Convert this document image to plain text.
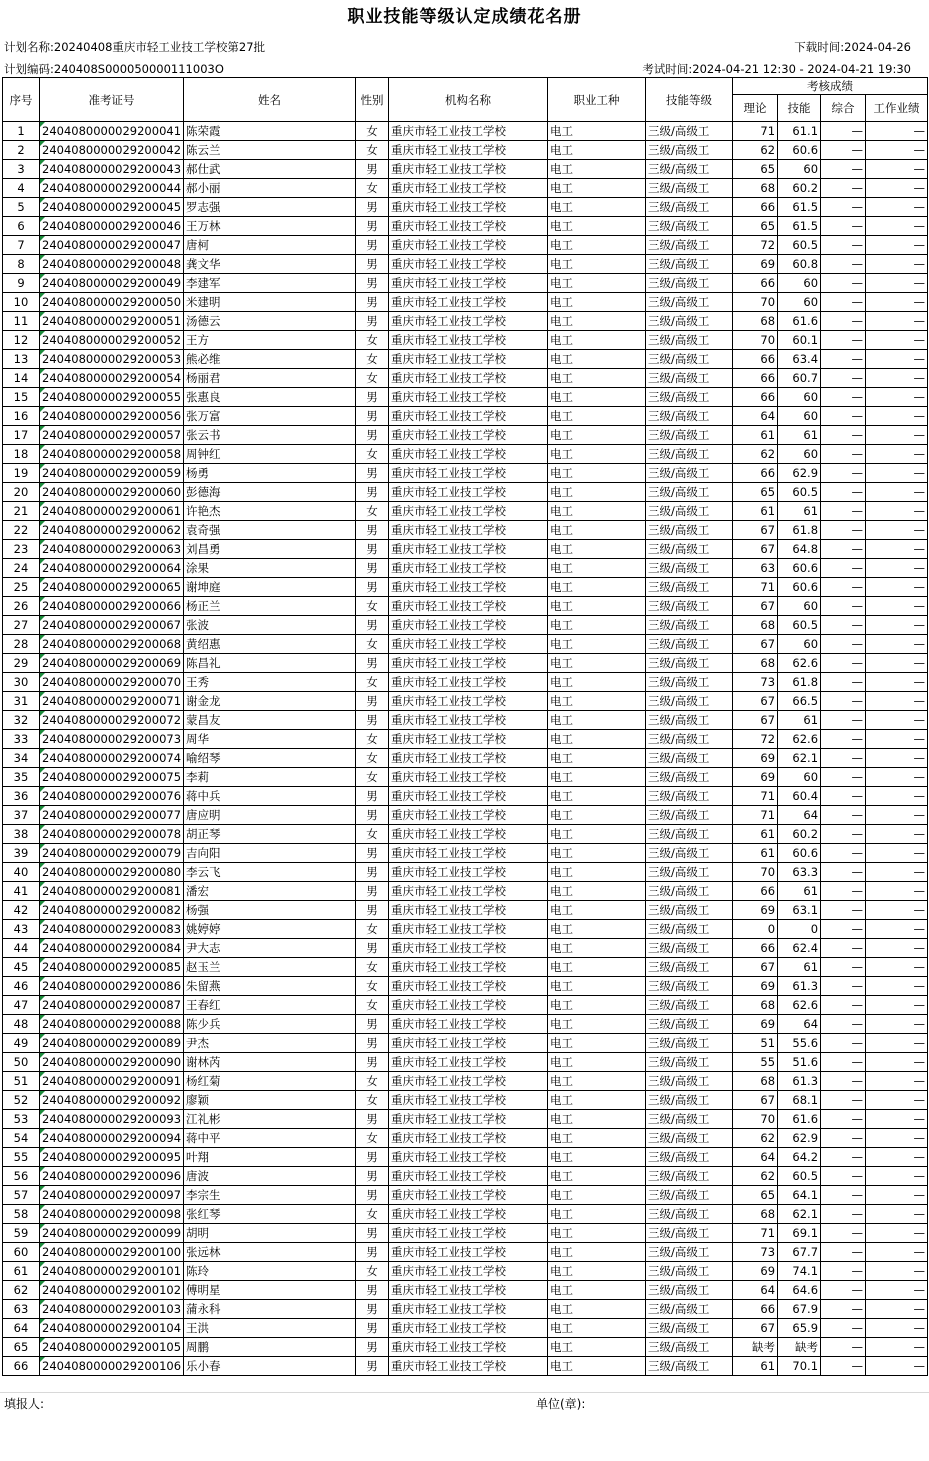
职业技能等级认定成绩花名册
计划名称:20240408重庆市轻工业技工学校第27批	下载时间:2024-04-26
计划编码:240408S000050000111003O	考试时间:2024-04-21 12:30 - 2024-04-21 19:30
序号	准考证号	姓名	性别	机构名称	职业工种	技能等级	考核成绩			
							理论	技能	综合	工作业绩
1	2404080000029200041	陈荣霞	女	重庆市轻工业技工学校	电工	三级/高级工	71	61.1	—	—
2	2404080000029200042	陈云兰	女	重庆市轻工业技工学校	电工	三级/高级工	62	60.6	—	—
3	2404080000029200043	郝仕武	男	重庆市轻工业技工学校	电工	三级/高级工	65	60	—	—
4	2404080000029200044	郝小丽	女	重庆市轻工业技工学校	电工	三级/高级工	68	60.2	—	—
5	2404080000029200045	罗志强	男	重庆市轻工业技工学校	电工	三级/高级工	66	61.5	—	—
6	2404080000029200046	王万林	男	重庆市轻工业技工学校	电工	三级/高级工	65	61.5	—	—
7	2404080000029200047	唐柯	男	重庆市轻工业技工学校	电工	三级/高级工	72	60.5	—	—
8	2404080000029200048	龚文华	男	重庆市轻工业技工学校	电工	三级/高级工	69	60.8	—	—
9	2404080000029200049	李建军	男	重庆市轻工业技工学校	电工	三级/高级工	66	60	—	—
10	2404080000029200050	米建明	男	重庆市轻工业技工学校	电工	三级/高级工	70	60	—	—
11	2404080000029200051	汤德云	男	重庆市轻工业技工学校	电工	三级/高级工	68	61.6	—	—
12	2404080000029200052	王方	女	重庆市轻工业技工学校	电工	三级/高级工	70	60.1	—	—
13	2404080000029200053	熊必维	女	重庆市轻工业技工学校	电工	三级/高级工	66	63.4	—	—
14	2404080000029200054	杨丽君	女	重庆市轻工业技工学校	电工	三级/高级工	66	60.7	—	—
15	2404080000029200055	张惠良	男	重庆市轻工业技工学校	电工	三级/高级工	66	60	—	—
16	2404080000029200056	张万富	男	重庆市轻工业技工学校	电工	三级/高级工	64	60	—	—
17	2404080000029200057	张云书	男	重庆市轻工业技工学校	电工	三级/高级工	61	61	—	—
18	2404080000029200058	周钟红	女	重庆市轻工业技工学校	电工	三级/高级工	62	60	—	—
19	2404080000029200059	杨勇	男	重庆市轻工业技工学校	电工	三级/高级工	66	62.9	—	—
20	2404080000029200060	彭德海	男	重庆市轻工业技工学校	电工	三级/高级工	65	60.5	—	—
21	2404080000029200061	许艳杰	女	重庆市轻工业技工学校	电工	三级/高级工	61	61	—	—
22	2404080000029200062	袁奇强	男	重庆市轻工业技工学校	电工	三级/高级工	67	61.8	—	—
23	2404080000029200063	刘昌勇	男	重庆市轻工业技工学校	电工	三级/高级工	67	64.8	—	—
24	2404080000029200064	涂果	男	重庆市轻工业技工学校	电工	三级/高级工	63	60.6	—	—
25	2404080000029200065	谢坤庭	男	重庆市轻工业技工学校	电工	三级/高级工	71	60.6	—	—
26	2404080000029200066	杨正兰	女	重庆市轻工业技工学校	电工	三级/高级工	67	60	—	—
27	2404080000029200067	张波	男	重庆市轻工业技工学校	电工	三级/高级工	68	60.5	—	—
28	2404080000029200068	黄绍惠	女	重庆市轻工业技工学校	电工	三级/高级工	67	60	—	—
29	2404080000029200069	陈昌礼	男	重庆市轻工业技工学校	电工	三级/高级工	68	62.6	—	—
30	2404080000029200070	王秀	女	重庆市轻工业技工学校	电工	三级/高级工	73	61.8	—	—
31	2404080000029200071	谢金龙	男	重庆市轻工业技工学校	电工	三级/高级工	67	66.5	—	—
32	2404080000029200072	蒙昌友	男	重庆市轻工业技工学校	电工	三级/高级工	67	61	—	—
33	2404080000029200073	周华	女	重庆市轻工业技工学校	电工	三级/高级工	72	62.6	—	—
34	2404080000029200074	喻绍琴	女	重庆市轻工业技工学校	电工	三级/高级工	69	62.1	—	—
35	2404080000029200075	李莉	女	重庆市轻工业技工学校	电工	三级/高级工	69	60	—	—
36	2404080000029200076	蒋中兵	男	重庆市轻工业技工学校	电工	三级/高级工	71	60.4	—	—
37	2404080000029200077	唐应明	男	重庆市轻工业技工学校	电工	三级/高级工	71	64	—	—
38	2404080000029200078	胡正琴	女	重庆市轻工业技工学校	电工	三级/高级工	61	60.2	—	—
39	2404080000029200079	吉向阳	男	重庆市轻工业技工学校	电工	三级/高级工	61	60.6	—	—
40	2404080000029200080	李云飞	男	重庆市轻工业技工学校	电工	三级/高级工	70	63.3	—	—
41	2404080000029200081	潘宏	男	重庆市轻工业技工学校	电工	三级/高级工	66	61	—	—
42	2404080000029200082	杨强	男	重庆市轻工业技工学校	电工	三级/高级工	69	63.1	—	—
43	2404080000029200083	姚婷婷	女	重庆市轻工业技工学校	电工	三级/高级工	0	0	—	—
44	2404080000029200084	尹大志	男	重庆市轻工业技工学校	电工	三级/高级工	66	62.4	—	—
45	2404080000029200085	赵玉兰	女	重庆市轻工业技工学校	电工	三级/高级工	67	61	—	—
46	2404080000029200086	朱留燕	女	重庆市轻工业技工学校	电工	三级/高级工	69	61.3	—	—
47	2404080000029200087	王春红	女	重庆市轻工业技工学校	电工	三级/高级工	68	62.6	—	—
48	2404080000029200088	陈少兵	男	重庆市轻工业技工学校	电工	三级/高级工	69	64	—	—
49	2404080000029200089	尹杰	男	重庆市轻工业技工学校	电工	三级/高级工	51	55.6	—	—
50	2404080000029200090	谢林芮	男	重庆市轻工业技工学校	电工	三级/高级工	55	51.6	—	—
51	2404080000029200091	杨红菊	女	重庆市轻工业技工学校	电工	三级/高级工	68	61.3	—	—
52	2404080000029200092	廖颖	女	重庆市轻工业技工学校	电工	三级/高级工	67	68.1	—	—
53	2404080000029200093	江礼彬	男	重庆市轻工业技工学校	电工	三级/高级工	70	61.6	—	—
54	2404080000029200094	蒋中平	女	重庆市轻工业技工学校	电工	三级/高级工	62	62.9	—	—
55	2404080000029200095	叶翔	男	重庆市轻工业技工学校	电工	三级/高级工	64	64.2	—	—
56	2404080000029200096	唐波	男	重庆市轻工业技工学校	电工	三级/高级工	62	60.5	—	—
57	2404080000029200097	李宗生	男	重庆市轻工业技工学校	电工	三级/高级工	65	64.1	—	—
58	2404080000029200098	张红琴	女	重庆市轻工业技工学校	电工	三级/高级工	68	62.1	—	—
59	2404080000029200099	胡明	男	重庆市轻工业技工学校	电工	三级/高级工	71	69.1	—	—
60	2404080000029200100	张远林	男	重庆市轻工业技工学校	电工	三级/高级工	73	67.7	—	—
61	2404080000029200101	陈玲	女	重庆市轻工业技工学校	电工	三级/高级工	69	74.1	—	—
62	2404080000029200102	傅明星	男	重庆市轻工业技工学校	电工	三级/高级工	64	64.6	—	—
63	2404080000029200103	蒲永科	男	重庆市轻工业技工学校	电工	三级/高级工	66	67.9	—	—
64	2404080000029200104	王洪	男	重庆市轻工业技工学校	电工	三级/高级工	67	65.9	—	—
65	2404080000029200105	周鹏	男	重庆市轻工业技工学校	电工	三级/高级工	缺考	缺考	—	—
66	2404080000029200106	乐小春	男	重庆市轻工业技工学校	电工	三级/高级工	61	70.1	—	—
填报人:	单位(章):
